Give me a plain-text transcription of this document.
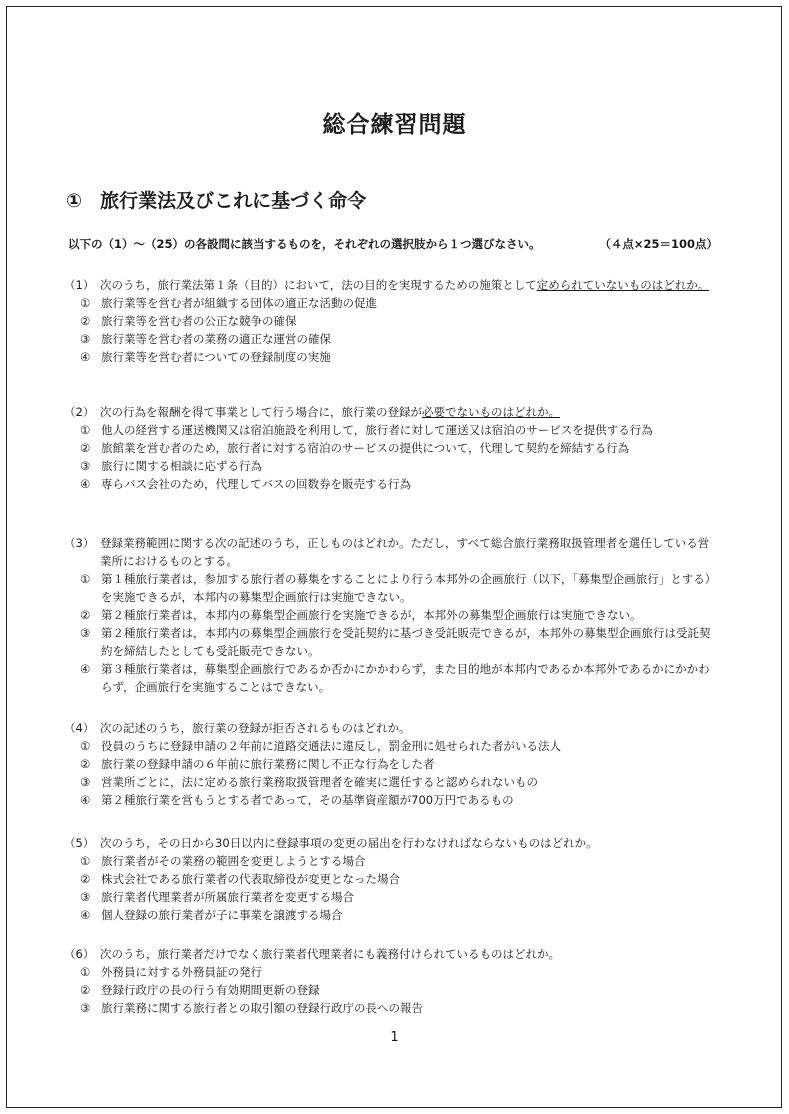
総合練習問題
① 旅行業法及びこれに基づく命令
以下の（1）～（25）の各設問に該当するものを，それぞれの選択肢から１つ選びなさい。	（４点×25＝100点）
（1） 次のうち，旅行業法第１条（目的）において，法の目的を実現するための施策として定められていないものはどれか。
① 旅行業等を営む者が組織する団体の適正な活動の促進
② 旅行業等を営む者の公正な競争の確保
③ 旅行業等を営む者の業務の適正な運営の確保
④ 旅行業等を営む者についての登録制度の実施
（2） 次の行為を報酬を得て事業として行う場合に，旅行業の登録が必要でないものはどれか。
① 他人の経営する運送機関又は宿泊施設を利用して，旅行者に対して運送又は宿泊のサービスを提供する行為
② 旅館業を営む者のため，旅行者に対する宿泊のサービスの提供について，代理して契約を締結する行為
③ 旅行に関する相談に応ずる行為
④ 専らバス会社のため，代理してバスの回数券を販売する行為
（3） 登録業務範囲に関する次の記述のうち，正しものはどれか。ただし，すべて総合旅行業務取扱管理者を選任している営業所におけるものとする。
① 第１種旅行業者は，参加する旅行者の募集をすることにより行う本邦外の企画旅行（以下，「募集型企画旅行」とする）を実施できるが，本邦内の募集型企画旅行は実施できない。
② 第２種旅行業者は，本邦内の募集型企画旅行を実施できるが，本邦外の募集型企画旅行は実施できない。
③ 第２種旅行業者は，本邦内の募集型企画旅行を受託契約に基づき受託販売できるが，本邦外の募集型企画旅行は受託契約を締結したとしても受託販売できない。
④ 第３種旅行業者は，募集型企画旅行であるか否かにかかわらず，また目的地が本邦内であるか本邦外であるかにかかわらず，企画旅行を実施することはできない。
（4） 次の記述のうち，旅行業の登録が拒否されるものはどれか。
① 役員のうちに登録申請の２年前に道路交通法に違反し，罰金刑に処せられた者がいる法人
② 旅行業の登録申請の６年前に旅行業務に関し不正な行為をした者
③ 営業所ごとに，法に定める旅行業務取扱管理者を確実に選任すると認められないもの
④ 第２種旅行業を営もうとする者であって，その基準資産額が700万円であるもの
（5） 次のうち，その日から30日以内に登録事項の変更の届出を行わなければならないものはどれか。
① 旅行業者がその業務の範囲を変更しようとする場合
② 株式会社である旅行業者の代表取締役が変更となった場合
③ 旅行業者代理業者が所属旅行業者を変更する場合
④ 個人登録の旅行業者が子に事業を譲渡する場合
（6） 次のうち，旅行業者だけでなく旅行業者代理業者にも義務付けられているものはどれか。
① 外務員に対する外務員証の発行
② 登録行政庁の長の行う有効期間更新の登録
③ 旅行業務に関する旅行者との取引額の登録行政庁の長への報告
1
